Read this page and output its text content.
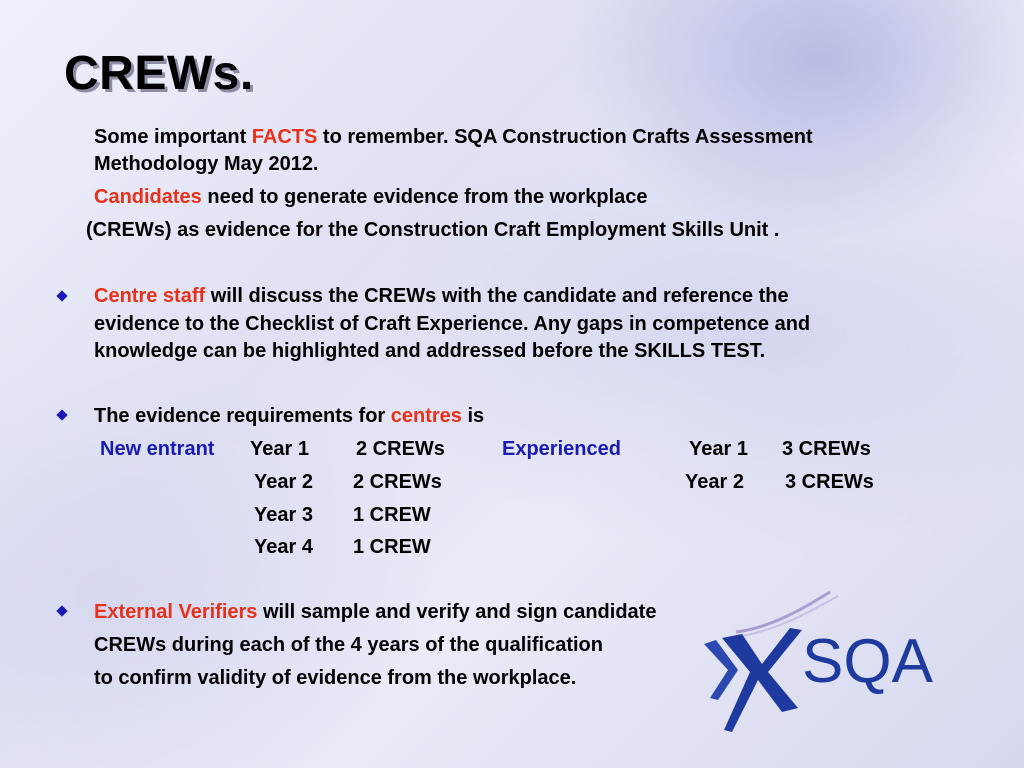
CREWs.

Some important FACTS to remember. SQA Construction Crafts Assessment

Methodology May 2012.

Candidates need to generate evidence from the workplace

(CREWs) as evidence for the Construction Craft Employment Skills Unit .

Centre staff will discuss the CREWs with the candidate and reference the

evidence to the Checklist of Craft Experience. Any gaps in competence and

knowledge can be highlighted and addressed before the SKILLS TEST.

The evidence requirements for centres is

New entrant Year 1 2 CREWs	Experienced	Year 1 3 CREWs

Year 2 2 CREWs	Year 2 3 CREWs

Year 3 1 CREW

Year 4 1 CREW

External Verifiers will sample and verify and sign candidate

CREWs during each of the 4 years of the qualification

to confirm validity of evidence from the workplace.	SQA
